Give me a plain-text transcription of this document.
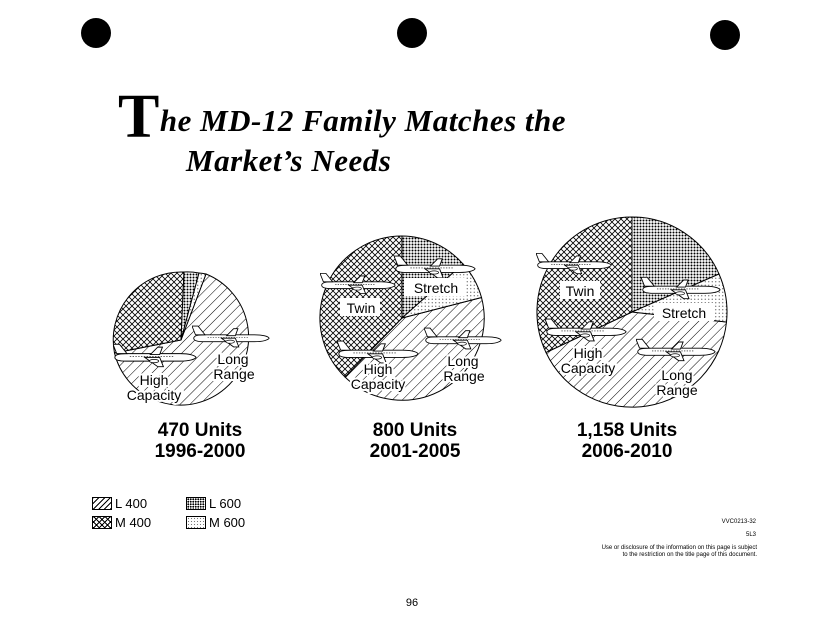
The MD-12 Family Matches the
Market’s Needs
High
Capacity
Long
Range
Stretch
Twin
High
Capacity
Long
Range
Twin
Stretch
High
Capacity	Long
Range
470 Units
1996-2000
800 Units
2001-2005
1,158 Units
2006-2010
L 400
M 400
L 600
M 600	VVC0213-32
5L3
Use or disclosure of the information on this page is subject
to the restriction on the title page of this document.
96
